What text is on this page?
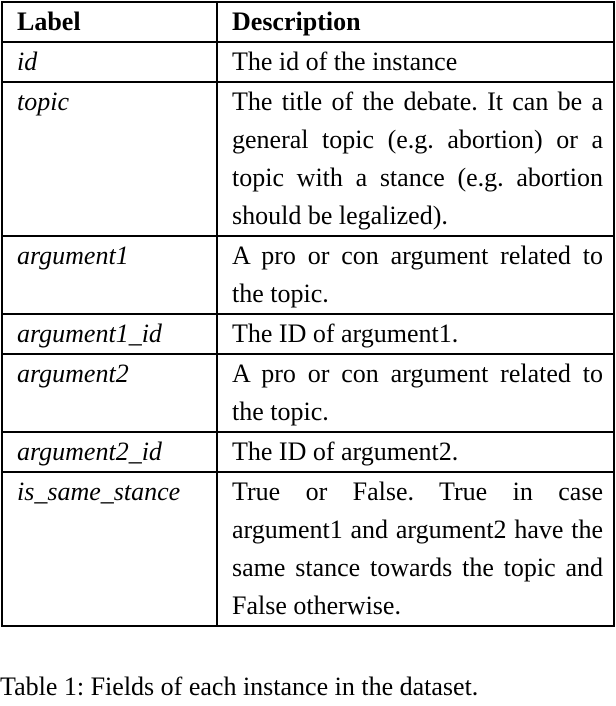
Label	Description
id	The id of the instance
topic	The title of the debate. It can be a general topic (e.g. abortion) or a topic with a stance (e.g. abortion should be legalized).
argument1	A pro or con argument related to the topic.
argument1_id	The ID of argument1.
argument2	A pro or con argument related to the topic.
argument2_id	The ID of argument2.
is_same_stance	True or False. True in case argument1 and argument2 have the same stance towards the topic and False otherwise.
Table 1: Fields of each instance in the dataset.
